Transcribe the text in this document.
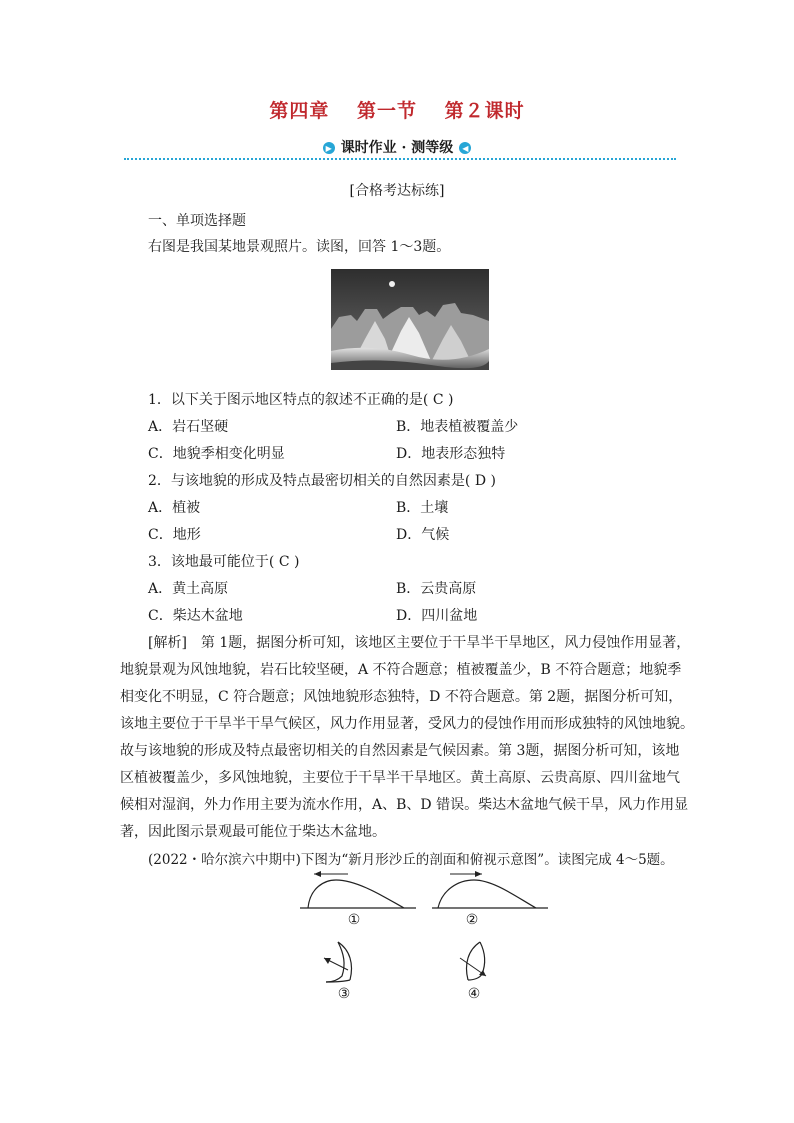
第四章 第一节 第２课时
▶ 课时作业 · 测等级 ◀
[合格考达标练]
一、单项选择题
右图是我国某地景观照片。读图，回答 1～3题。
1．以下关于图示地区特点的叙述不正确的是( C )
A．岩石坚硬	B．地表植被覆盖少
C．地貌季相变化明显	D．地表形态独特
2．与该地貌的形成及特点最密切相关的自然因素是( D )
A．植被	B．土壤
C．地形	D．气候
3．该地最可能位于( C )
A．黄土高原	B．云贵高原
C．柴达木盆地	D．四川盆地
[解析]　第 1题，据图分析可知，该地区主要位于干旱半干旱地区，风力侵蚀作用显著，
地貌景观为风蚀地貌，岩石比较坚硬，A 不符合题意；植被覆盖少，B 不符合题意；地貌季
相变化不明显，C 符合题意；风蚀地貌形态独特，D 不符合题意。第 2题，据图分析可知，
该地主要位于干旱半干旱气候区，风力作用显著，受风力的侵蚀作用而形成独特的风蚀地貌。
故与该地貌的形成及特点最密切相关的自然因素是气候因素。第 3题，据图分析可知，该地
区植被覆盖少，多风蚀地貌，主要位于干旱半干旱地区。黄土高原、云贵高原、四川盆地气
候相对湿润，外力作用主要为流水作用，A、B、D 错误。柴达木盆地气候干旱，风力作用显
著，因此图示景观最可能位于柴达木盆地。
(2022・哈尔滨六中期中)下图为“新月形沙丘的剖面和俯视示意图”。读图完成 4～5题。
①	②
③	④
